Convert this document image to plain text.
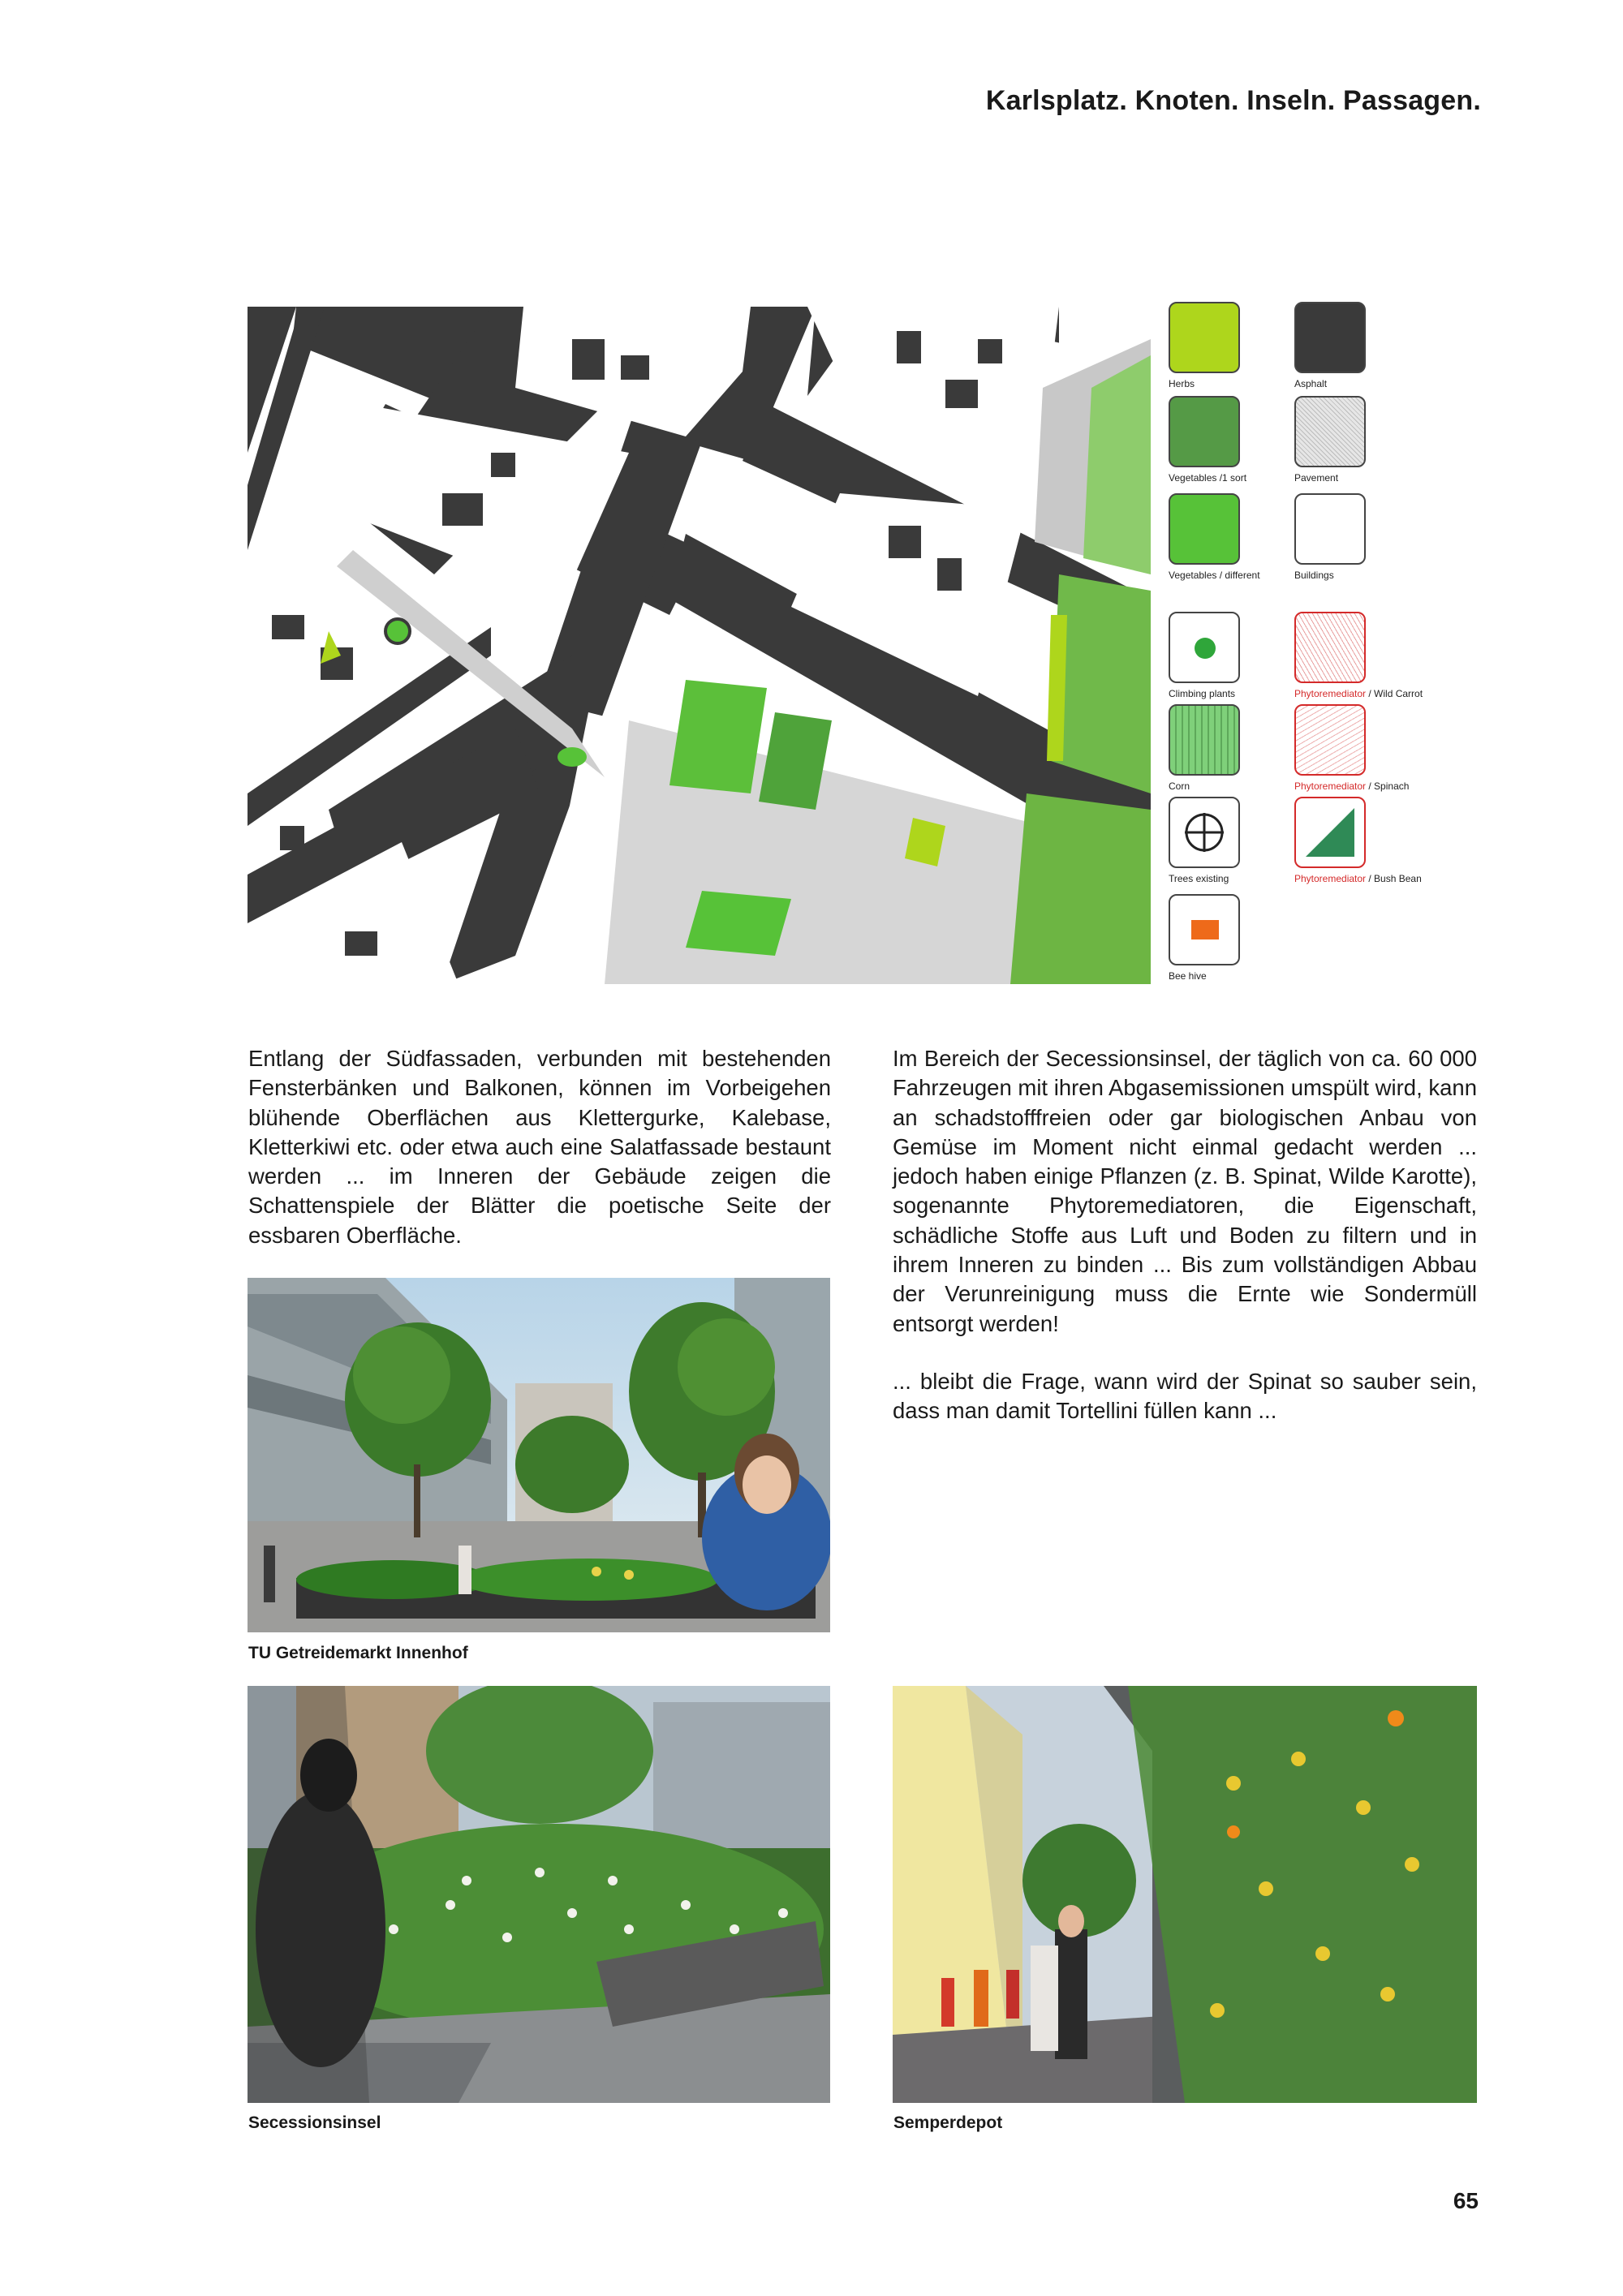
Karlsplatz. Knoten. Inseln. Passagen.
Herbs
Vegetables /1 sort
Vegetables / different
Climbing plants
Corn
Trees existing
Bee hive
Asphalt
Pavement
Buildings
Phytoremediator / Wild Carrot
Phytoremediator / Spinach
Phytoremediator / Bush Bean
Entlang der Südfassaden, verbunden mit bestehenden Fensterbänken und Balkonen, können im Vorbeigehen blühende Oberflächen aus Klettergurke, Kalebase, Kletterkiwi etc. oder etwa auch eine Salatfassade bestaunt werden ... im Inneren der Gebäude zeigen die Schattenspiele der Blätter die poetische Seite der essbaren Oberfläche.
Im Bereich der Secessionsinsel, der täglich von ca. 60 000 Fahrzeugen mit ihren Abgasemissionen umspült wird, kann an schadstofffreien oder gar biologischen Anbau von Gemüse im Moment nicht einmal gedacht werden ... jedoch haben einige Pflanzen (z. B. Spinat, Wilde Karotte), sogenannte Phytoremediatoren, die Eigenschaft, schädliche Stoffe aus Luft und Boden zu filtern und in ihrem Inneren zu binden ... Bis zum vollständigen Abbau der Verunreinigung muss die Ernte wie Sondermüll entsorgt werden!
... bleibt die Frage, wann wird der Spinat so sauber sein, dass man damit Tortellini füllen kann ...
TU Getreidemarkt Innenhof
Secessionsinsel	Semperdepot
65
